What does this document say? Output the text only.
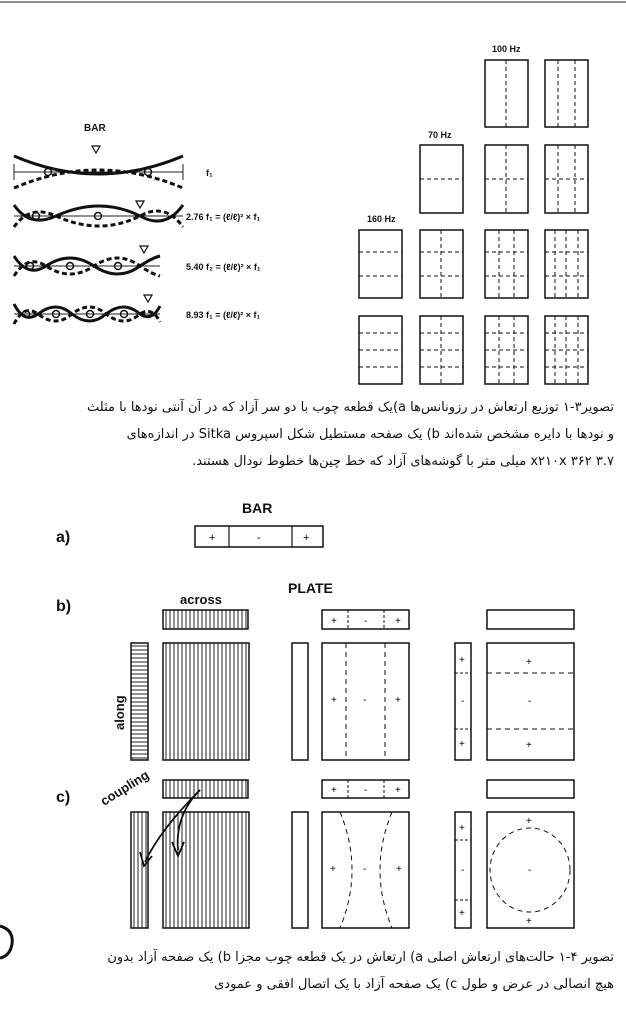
BAR
f₁
2.76 f₁ = (ℓ/ℓ)² × f₁
5.40 f₂ = (ℓ/ℓ)² × f₁
8.93 f₁ = (ℓ/ℓ)² × f₁
100 Hz
70 Hz
160 Hz
BAR
a)	+	-	+
PLATE
b)	across
along
+	-	+
+	-	+
+
-
+
+
-
+
c) coupling	+	-	+
+	-	+
+
-
+
+
-
+
تصویر۳-۱ توزیع ارتعاش در رزونانس‌ها a)یک قطعه چوب با دو سر آزاد که در آن آنتی نودها با مثلث
و نودها با دایره مشخص شده‌اند b) یک صفحه مستطیل شکل اسپروس Sitka در اندازه‌های
۳.۷ x۲۱۰x ۳۶۲ میلی متر با گوشه‌های آزاد که خط چین‌ها خطوط نودال هستند.
تصویر ۴-۱ حالت‌های ارتعاش اصلی a) ارتعاش در یک قطعه چوب مجزا b) یک صفحه آزاد بدون
هیچ انصالی در عرض و طول c) یک صفحه آزاد با یک اتصال افقی و عمودی
